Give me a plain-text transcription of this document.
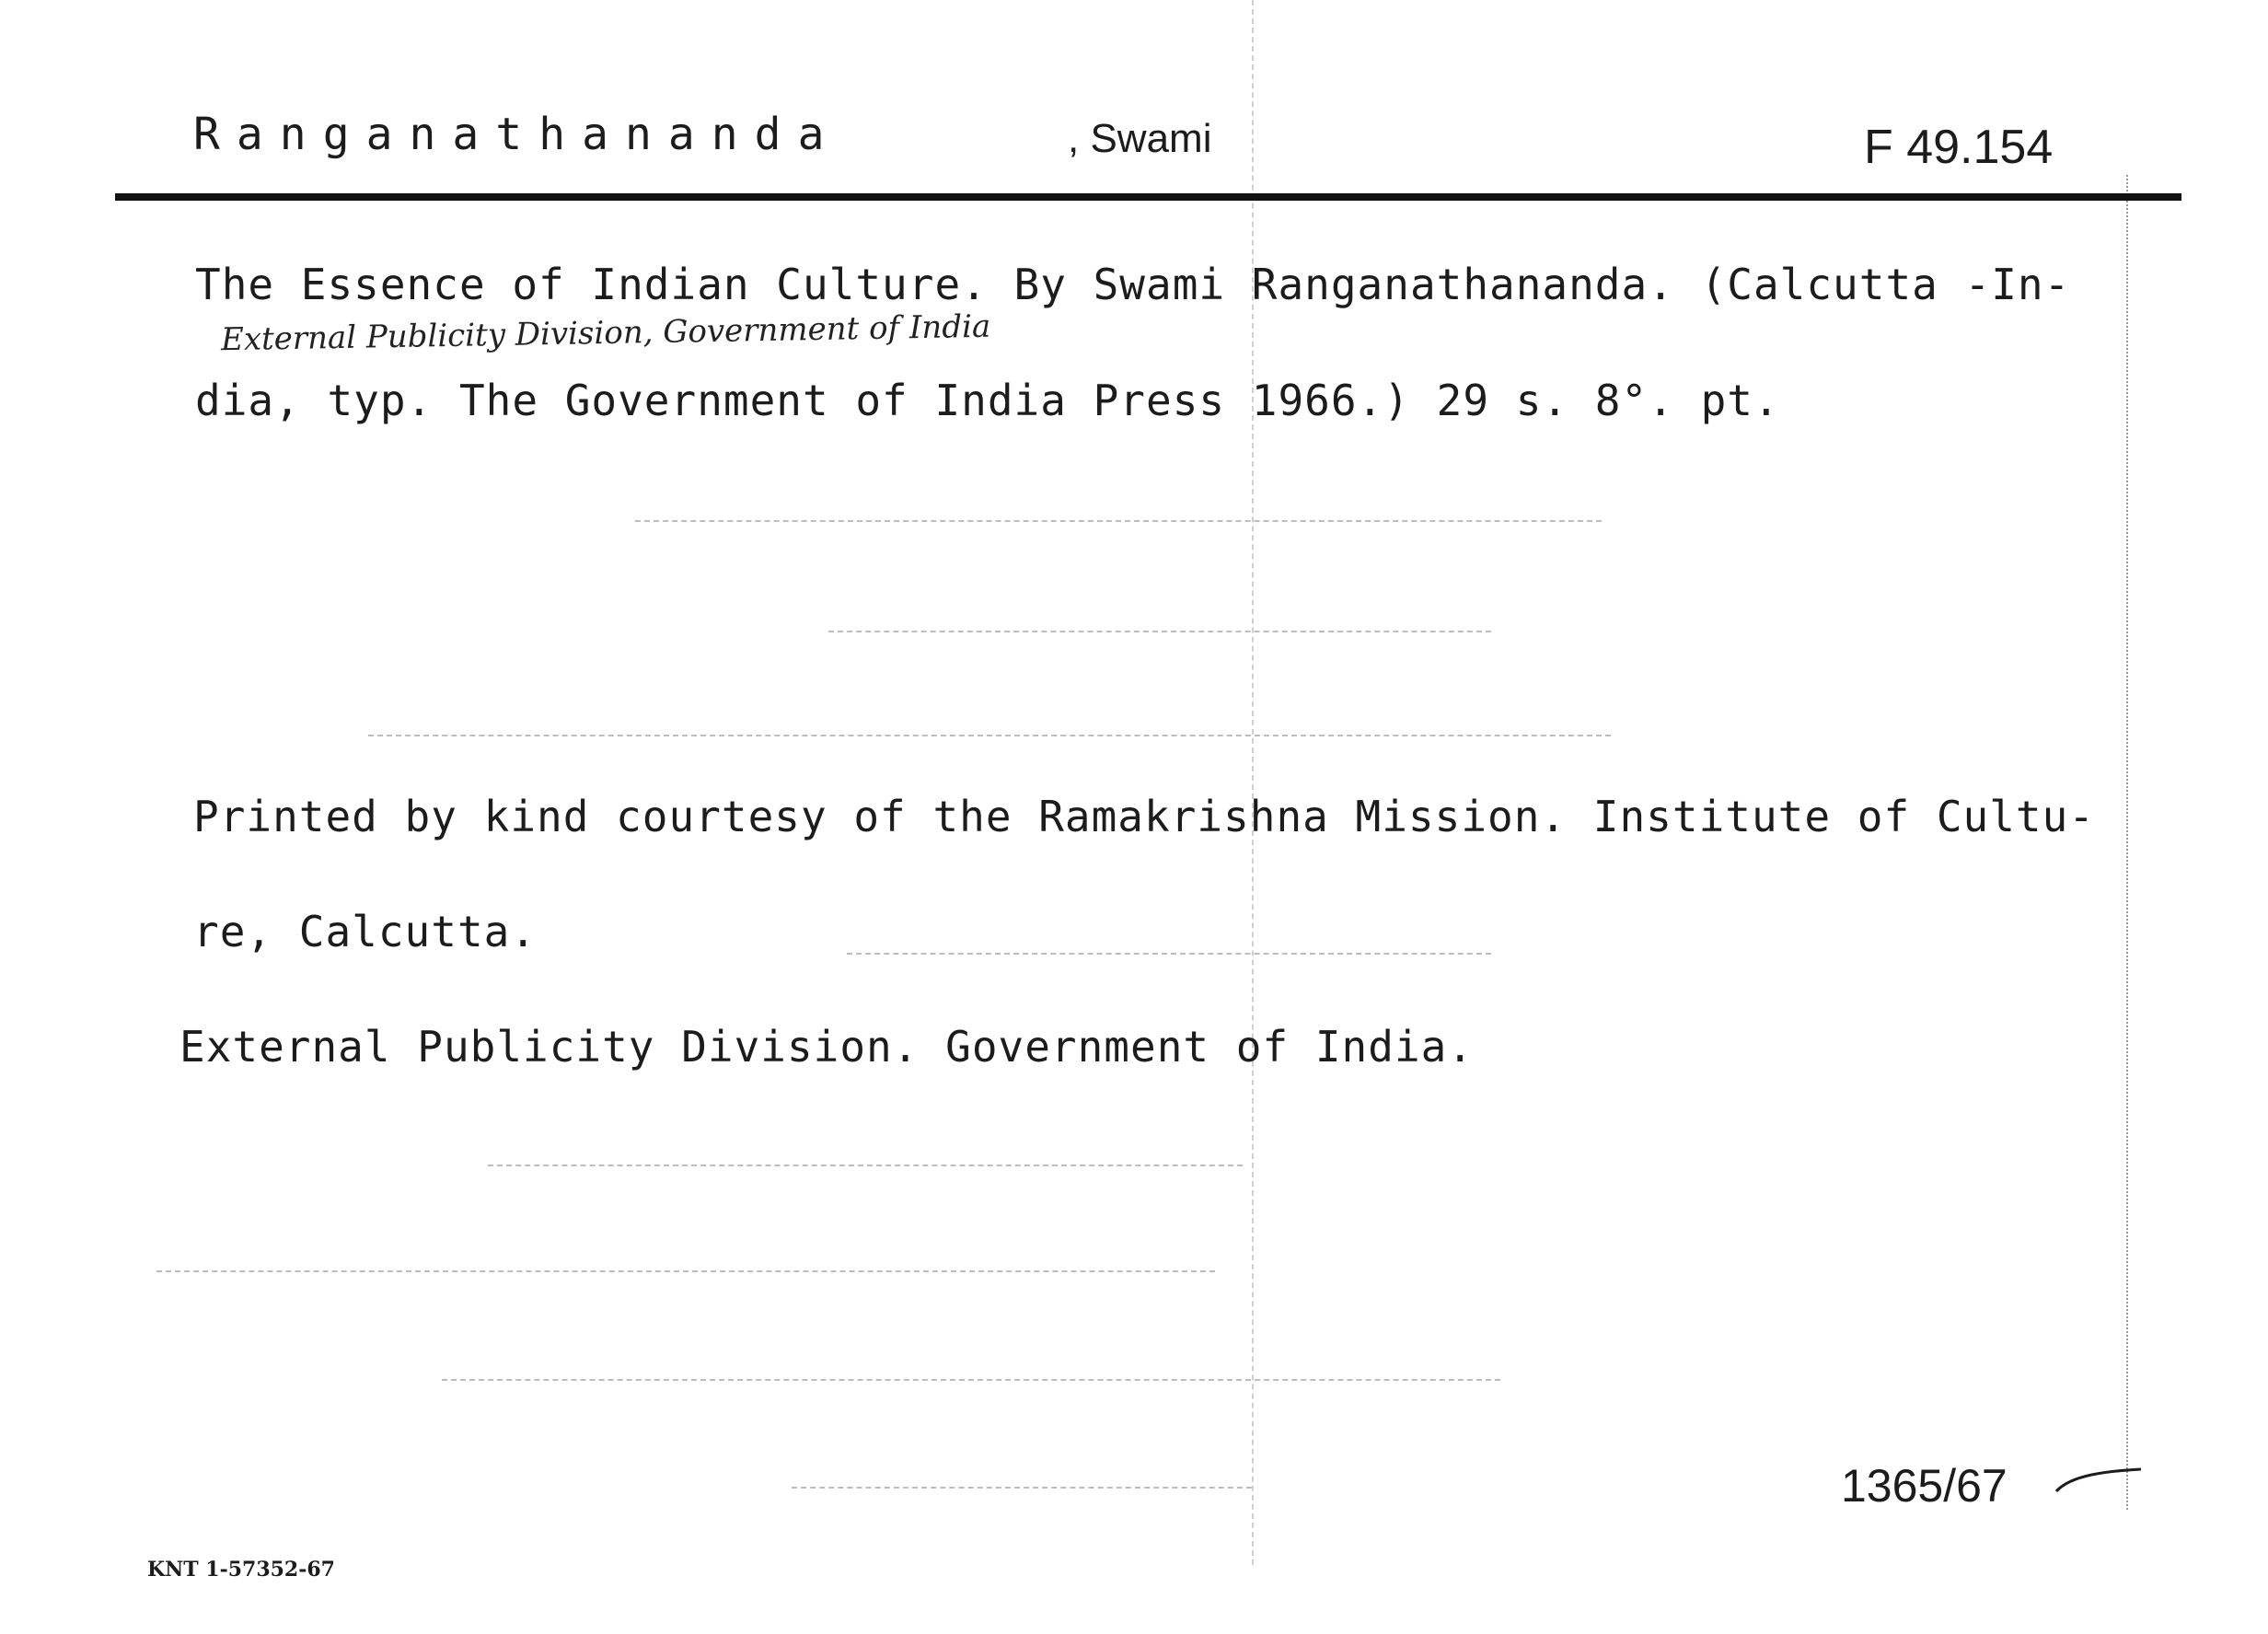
Ranganathananda	, Swami	F 49.154
The Essence of Indian Culture. By Swami Ranganathananda. (Calcutta -In-
External Publicity Division, Government of India
dia, typ. The Government of India Press 1966.) 29 s. 8°. pt.
Printed by kind courtesy of the Ramakrishna Mission. Institute of Cultu-
re, Calcutta.
External Publicity Division. Government of India.
1365/67
KNT 1-57352-67
